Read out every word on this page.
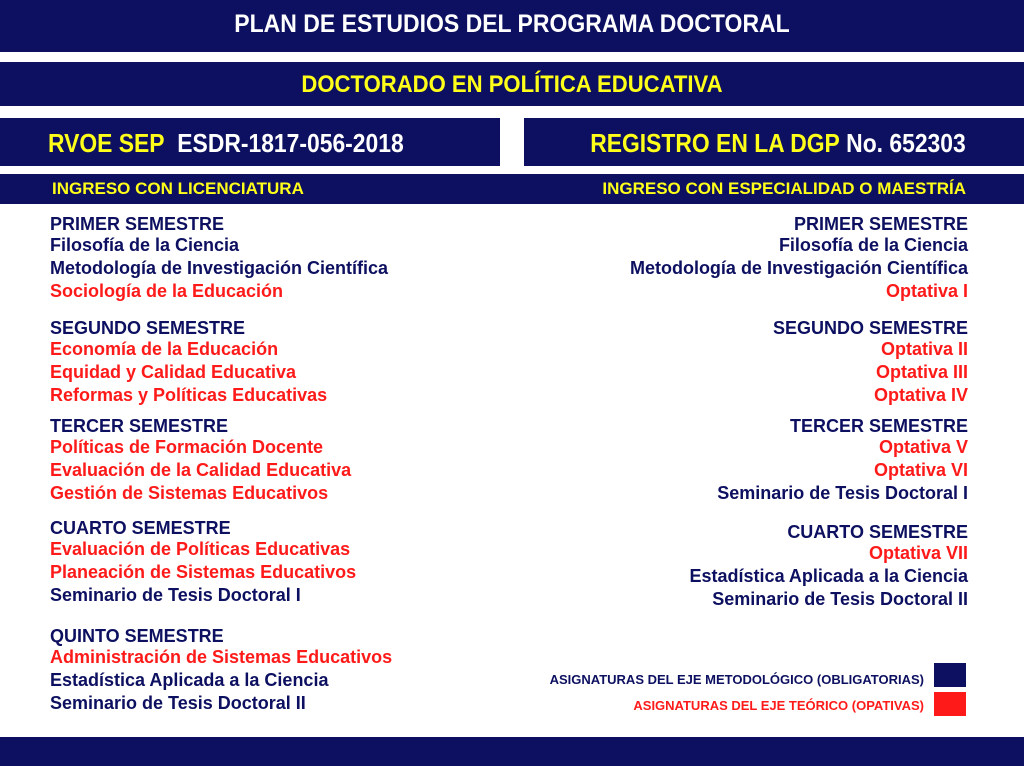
PLAN DE ESTUDIOS DEL PROGRAMA DOCTORAL
DOCTORADO EN POLÍTICA EDUCATIVA
RVOE SEP ESDR-1817-056-2018	REGISTRO EN LA DGP No. 652303
INGRESO CON LICENCIATURA	INGRESO CON ESPECIALIDAD O MAESTRÍA
PRIMER SEMESTRE
Filosofía de la Ciencia
Metodología de Investigación Científica
Sociología de la Educación
SEGUNDO SEMESTRE
Economía de la Educación
Equidad y Calidad Educativa
Reformas y Políticas Educativas
TERCER SEMESTRE
Políticas de Formación Docente
Evaluación de la Calidad Educativa
Gestión de Sistemas Educativos
CUARTO SEMESTRE
Evaluación de Políticas Educativas
Planeación de Sistemas Educativos
Seminario de Tesis Doctoral I
QUINTO SEMESTRE
Administración de Sistemas Educativos
Estadística Aplicada a la Ciencia
Seminario de Tesis Doctoral II
PRIMER SEMESTRE
Filosofía de la Ciencia
Metodología de Investigación Científica
Optativa I
SEGUNDO SEMESTRE
Optativa II
Optativa III
Optativa IV
TERCER SEMESTRE
Optativa V
Optativa VI
Seminario de Tesis Doctoral I
CUARTO SEMESTRE
Optativa VII
Estadística Aplicada a la Ciencia
Seminario de Tesis Doctoral II
ASIGNATURAS DEL EJE METODOLÓGICO (OBLIGATORIAS)
ASIGNATURAS DEL EJE TEÓRICO (OPATIVAS)
